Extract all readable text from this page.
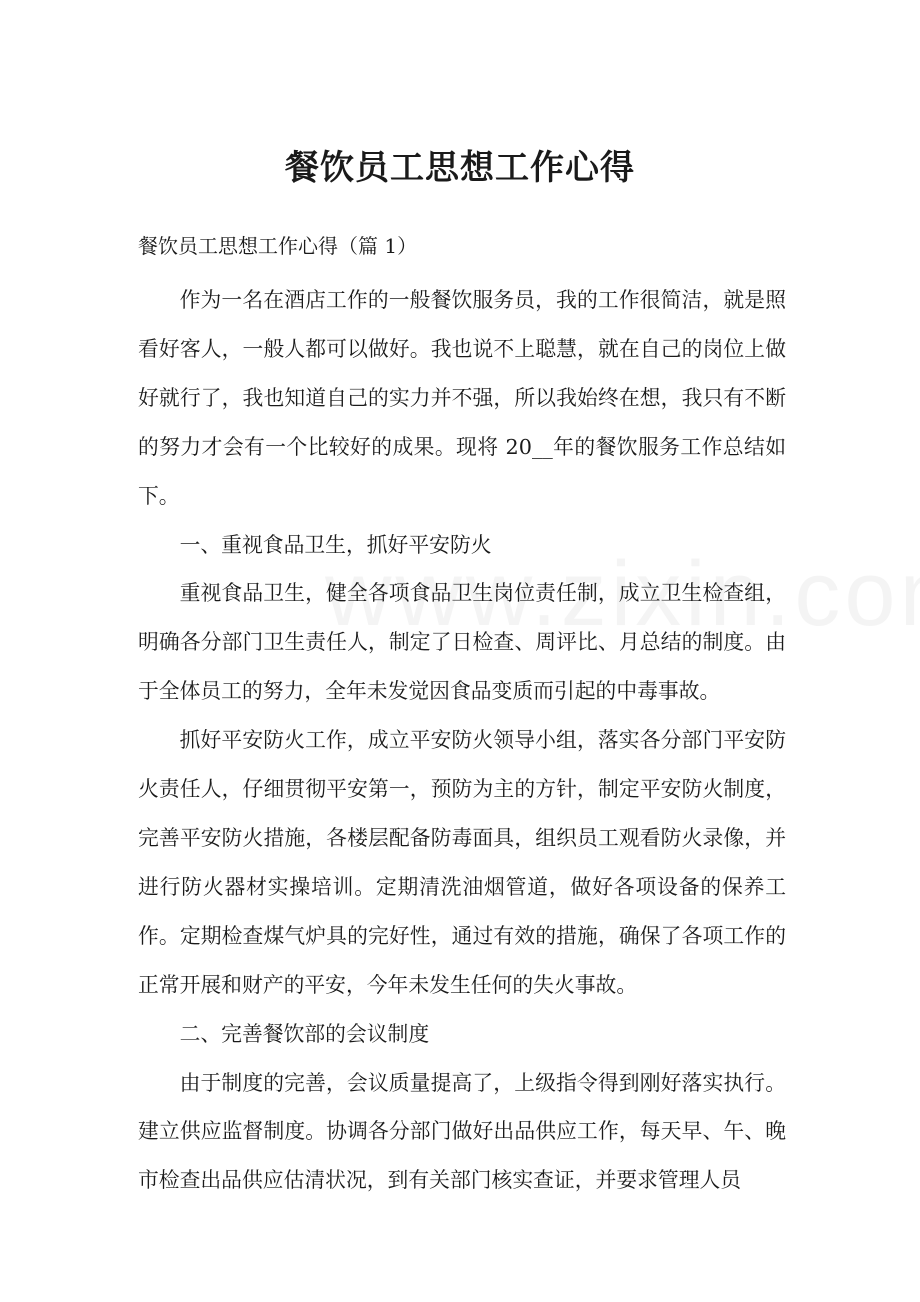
餐饮员工思想工作心得
餐饮员工思想工作心得（篇 1）

作为一名在酒店工作的一般餐饮服务员，我的工作很简洁，就是照看好客人，一般人都可以做好。我也说不上聪慧，就在自己的岗位上做好就行了，我也知道自己的实力并不强，所以我始终在想，我只有不断的努力才会有一个比较好的成果。现将 20__年的餐饮服务工作总结如下。

一、重视食品卫生，抓好平安防火

重视食品卫生，健全各项食品卫生岗位责任制，成立卫生检查组，明确各分部门卫生责任人，制定了日检查、周评比、月总结的制度。由于全体员工的努力，全年未发觉因食品变质而引起的中毒事故。

抓好平安防火工作，成立平安防火领导小组，落实各分部门平安防火责任人，仔细贯彻平安第一，预防为主的方针，制定平安防火制度，完善平安防火措施，各楼层配备防毒面具，组织员工观看防火录像，并进行防火器材实操培训。定期清洗油烟管道，做好各项设备的保养工作。定期检查煤气炉具的完好性，通过有效的措施，确保了各项工作的正常开展和财产的平安，今年未发生任何的失火事故。

二、完善餐饮部的会议制度

由于制度的完善，会议质量提高了，上级指令得到刚好落实执行。建立供应监督制度。协调各分部门做好出品供应工作，每天早、午、晚市检查出品供应估清状况，到有关部门核实查证，并要求管理人员
